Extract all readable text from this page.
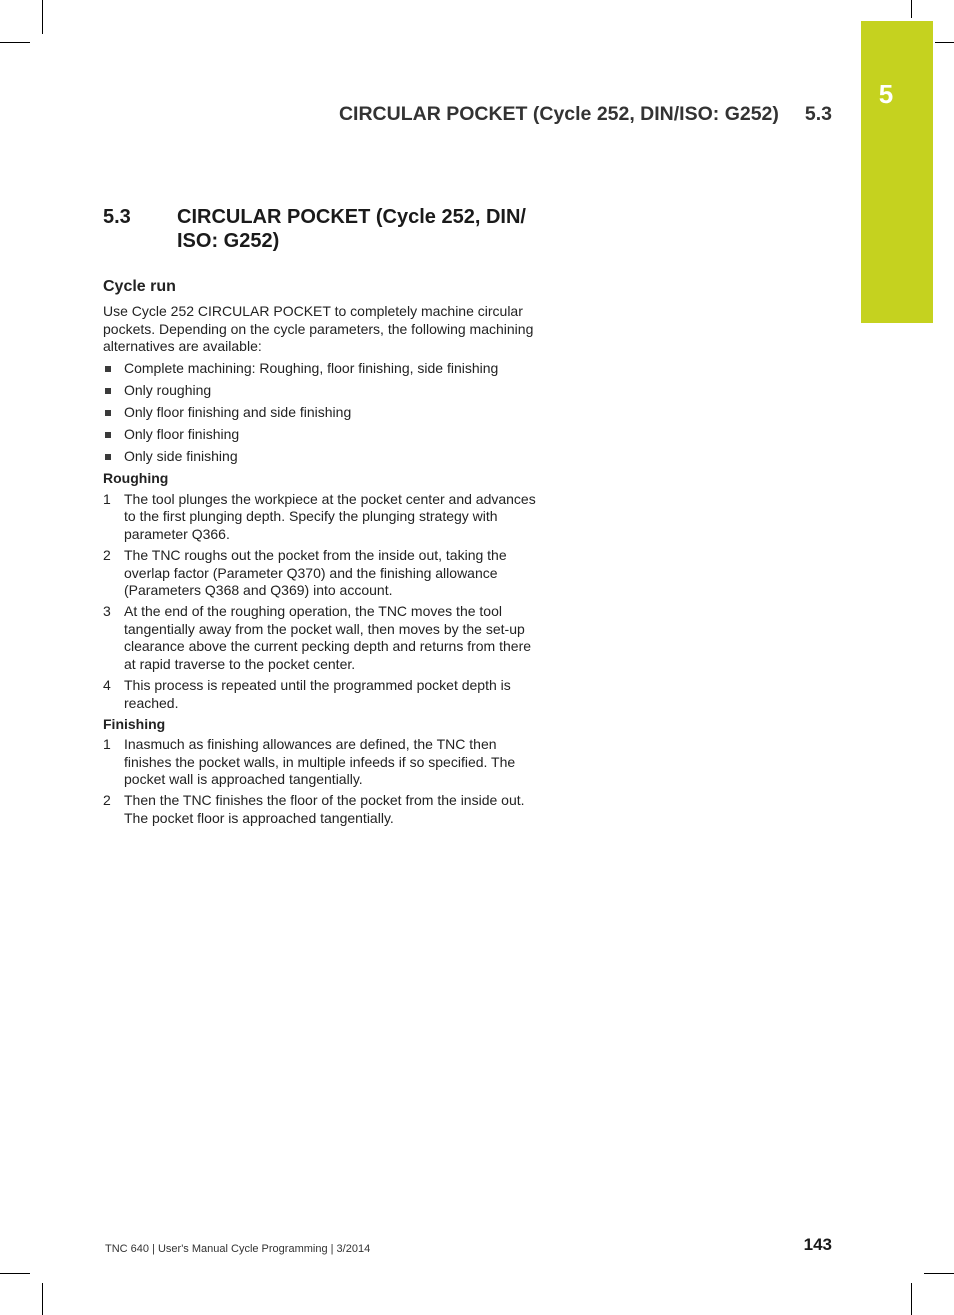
5
CIRCULAR POCKET (Cycle 252, DIN/ISO: G252) 5.3
5.3 CIRCULAR POCKET (Cycle 252, DIN/ ISO: G252)
Cycle run

Use Cycle 252 CIRCULAR POCKET to completely machine circular pockets. Depending on the cycle parameters, the following machining alternatives are available:

Complete machining: Roughing, floor finishing, side finishing
Only roughing
Only floor finishing and side finishing
Only floor finishing
Only side finishing
Roughing
1 The tool plunges the workpiece at the pocket center and advances to the first plunging depth. Specify the plunging strategy with parameter Q366.
2 The TNC roughs out the pocket from the inside out, taking the overlap factor (Parameter Q370) and the finishing allowance (Parameters Q368 and Q369) into account.
3 At the end of the roughing operation, the TNC moves the tool tangentially away from the pocket wall, then moves by the set-up clearance above the current pecking depth and returns from there at rapid traverse to the pocket center.
4 This process is repeated until the programmed pocket depth is reached.
Finishing
1 Inasmuch as finishing allowances are defined, the TNC then finishes the pocket walls, in multiple infeeds if so specified. The pocket wall is approached tangentially.
2 Then the TNC finishes the floor of the pocket from the inside out. The pocket floor is approached tangentially.
TNC 640 | User's Manual Cycle Programming | 3/2014	143
